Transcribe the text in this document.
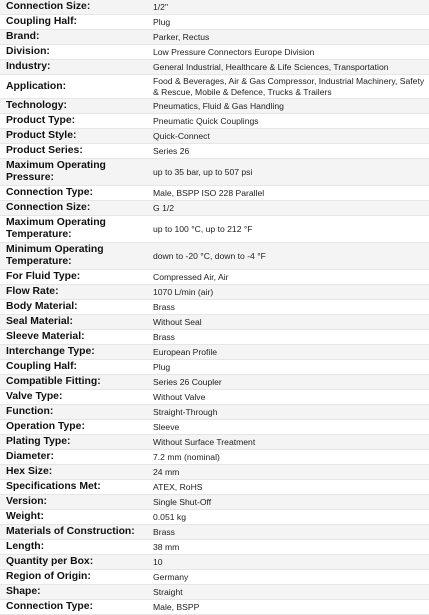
Connection Size:	1/2"
Coupling Half:	Plug
Brand:	Parker, Rectus
Division:	Low Pressure Connectors Europe Division
Industry:	General Industrial, Healthcare & Life Sciences, Transportation
Application:	Food & Beverages, Air & Gas Compressor, Industrial Machinery, Safety & Rescue, Mobile & Defence, Trucks & Trailers
Technology:	Pneumatics, Fluid & Gas Handling
Product Type:	Pneumatic Quick Couplings
Product Style:	Quick-Connect
Product Series:	Series 26
Maximum Operating Pressure:	up to 35 bar, up to 507 psi
Connection Type:	Male, BSPP ISO 228 Parallel
Connection Size:	G 1/2
Maximum Operating Temperature:	up to 100 °C, up to 212 °F
Minimum Operating Temperature:	down to -20 °C, down to -4 °F
For Fluid Type:	Compressed Air, Air
Flow Rate:	1070 L/min (air)
Body Material:	Brass
Seal Material:	Without Seal
Sleeve Material:	Brass
Interchange Type:	European Profile
Coupling Half:	Plug
Compatible Fitting:	Series 26 Coupler
Valve Type:	Without Valve
Function:	Straight-Through
Operation Type:	Sleeve
Plating Type:	Without Surface Treatment
Diameter:	7.2 mm (nominal)
Hex Size:	24 mm
Specifications Met:	ATEX, RoHS
Version:	Single Shut-Off
Weight:	0.051 kg
Materials of Construction:	Brass
Length:	38 mm
Quantity per Box:	10
Region of Origin:	Germany
Shape:	Straight
Connection Type:	Male, BSPP
